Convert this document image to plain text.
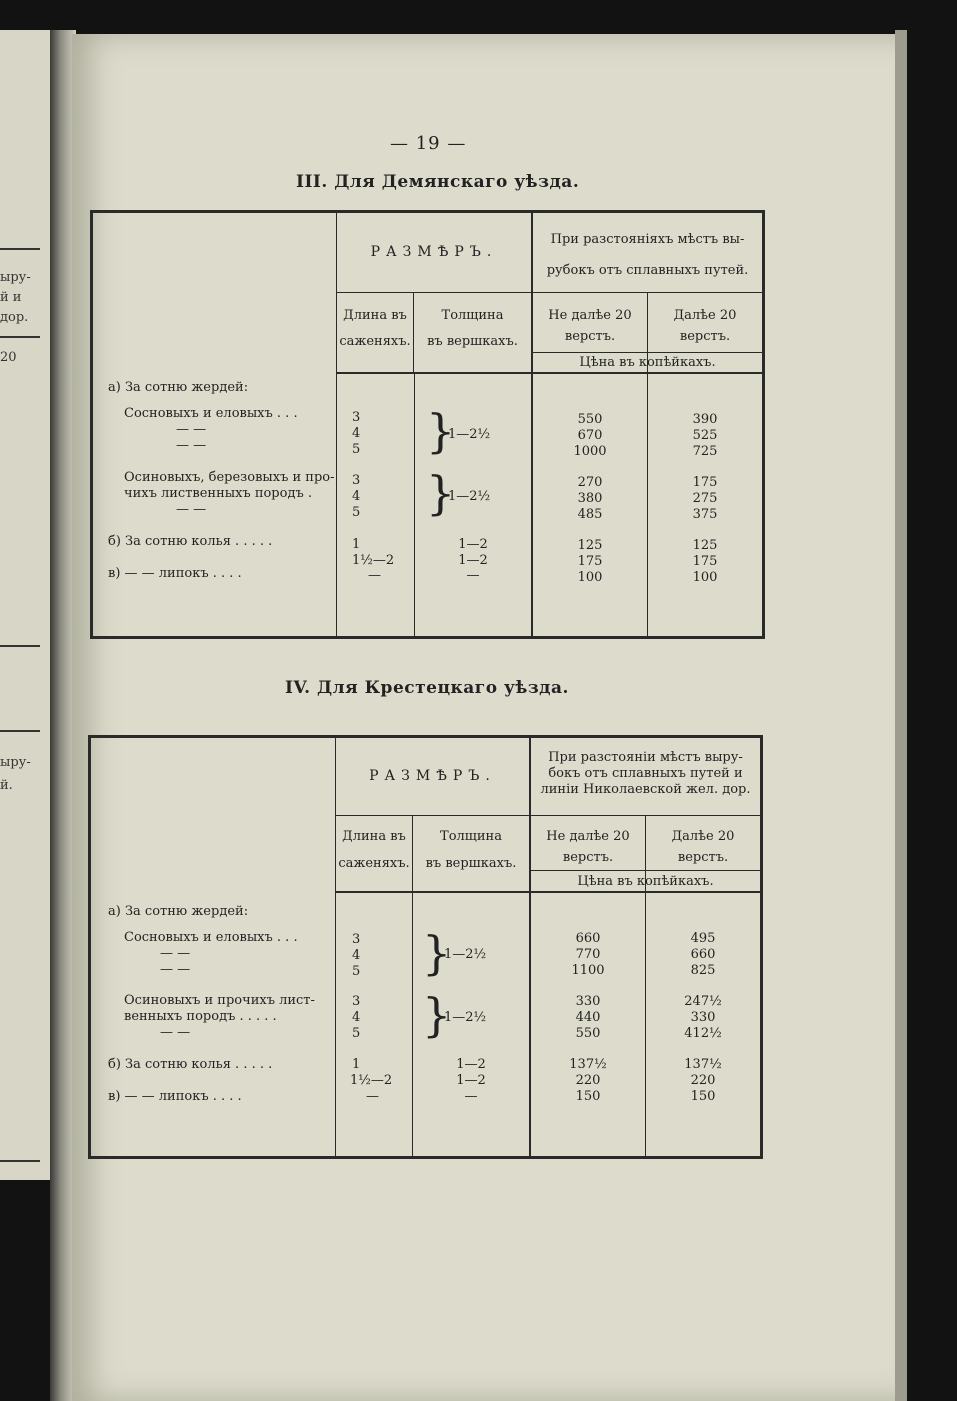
ыру-
й и
дор.
20
ыру-
й.
— 19 —
III. Для Демянскаго уѣзда.
РАЗМѢРЪ.
При разстояніяхъ мѣстъ вы-
рубокъ отъ сплавныхъ путей.
Длина въ
саженяхъ.
Толщина
въ вершкахъ.
Не далѣе 20
верстъ.
Далѣе 20
верстъ.
Цѣна въ копѣйкахъ.
}
}
а) За сотню жердей:
Сосновыхъ и еловыхъ . . .	3	550	390
— —	4	1—2½	670	525
— —	5	1000	725
Осиновыхъ, березовыхъ и про- 3	270	175
чихъ лиственныхъ породъ .	4	1—2½	380	275
— —	5	485	375
б) За сотню колья . . . . .	1	1—2	125	125
1½—2	1—2	175	175
в) — — липокъ . . . .	—	—	100	100
IV. Для Крестецкаго уѣзда.
РАЗМѢРЪ.
При разстояніи мѣстъ выру-
бокъ отъ сплавныхъ путей и
линіи Николаевской жел. дор.
Длина въ
саженяхъ.
Толщина
въ вершкахъ.
Не далѣе 20
верстъ.
Далѣе 20
верстъ.
Цѣна въ копѣйкахъ.
}
}
а) За сотню жердей:
Сосновыхъ и еловыхъ . . .	3	660	495
— —	4	1—2½	770	660
— —	5	1100	825
Осиновыхъ и прочихъ лист-	3	330	247½
венныхъ породъ . . . . .	4	1—2½	440	330
— —	5	550	412½
б) За сотню колья . . . . .	1	1—2	137½	137½
1½—2	1—2	220	220
в) — — липокъ . . . .	—	—	150	150
